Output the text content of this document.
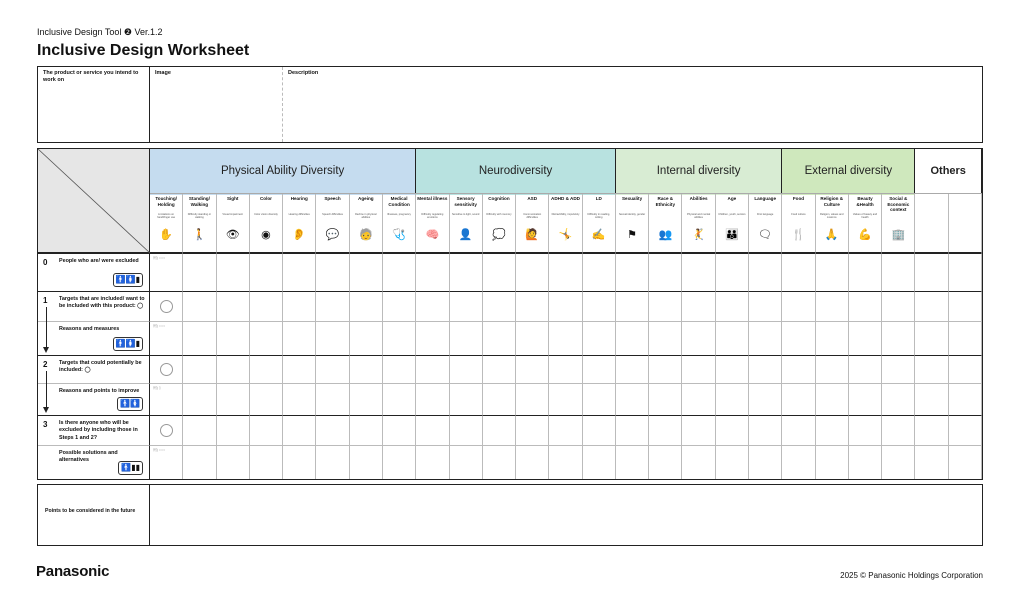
Inclusive Design Tool ❷ Ver.1.2
Inclusive Design Worksheet
The product or service you intend to work on
Image	Description
Physical Ability Diversity
Touching/ Holding
Limitations on hand/finger use
✋
Standing/ Walking
Difficulty standing or walking
🚶
Sight
Visual impairment
👁
Color
Color vision diversity
◉
Hearing
Hearing difficulties
👂
Speech
Speech difficulties
💬
Ageing
Decline in physical abilities
🧓
Medical Condition
Illnesses, pregnancy
🩺
Neurodiversity
Mental illness
Difficulty regulating emotions
🧠
Sensory sensitivity
Sensitive to light, sound
👤
Cognition
Difficulty with memory
💭
ASD
Communication difficulties
🙋
ADHD & ADD
Distractibility, impulsivity
🤸
LD
Difficulty in reading, writing
✍
Internal diversity
Sexuality
Sexual identity, gender
⚑
Race & Ethnicity
👥
Abilities
Physical and mental abilities
🤾
Age
Children, youth, seniors
👪
Language
First language
🗨
External diversity
Food
Food culture
🍴
Religion & Culture
Religion, values and customs
🙏
Beauty &Health
Values of beauty and health
💪
Social & Economic context
🏢
Others
People who are/ were excluded
0
🚹🚺▮
例) ○○○
Targets that are included/ want to be included with this product: ◯
1
Reasons and measures
🚹🚺▮
例) ○○○
Targets that could potentially be included: ◯
2
Reasons and points to improve
🚹🚺
例) ▯
Is there anyone who will be excluded by including those in Steps 1 and 2?
3
Possible solutions and alternatives
🚹▮▮
例) ○○○
Points to be considered in the future
Panasonic	2025 © Panasonic Holdings Corporation
